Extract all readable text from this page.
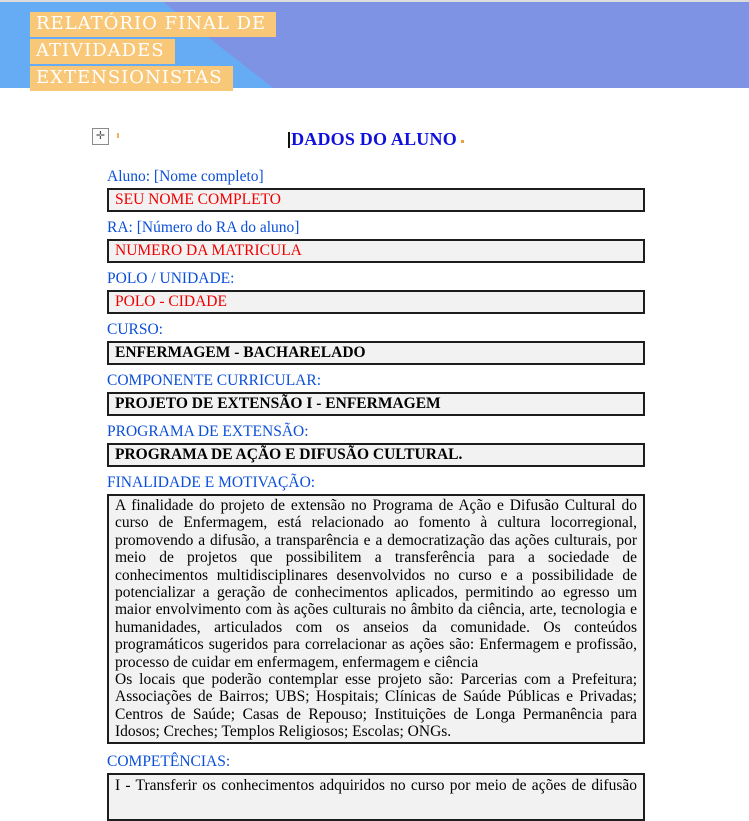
RELATÓRIO FINAL DE
ATIVIDADES
EXTENSIONISTAS
✛	DADOS DO ALUNO
Aluno: [Nome completo]
SEU NOME COMPLETO
RA: [Número do RA do aluno]
NUMERO DA MATRICULA
POLO / UNIDADE:
POLO - CIDADE
CURSO:
ENFERMAGEM - BACHARELADO
COMPONENTE CURRICULAR:
PROJETO DE EXTENSÃO I - ENFERMAGEM
PROGRAMA DE EXTENSÃO:
PROGRAMA DE AÇÃO E DIFUSÃO CULTURAL.
FINALIDADE E MOTIVAÇÃO:

A finalidade do projeto de extensão no Programa de Ação e Difusão Cultural do curso de Enfermagem, está relacionado ao fomento à cultura locorregional, promovendo a difusão, a transparência e a democratização das ações culturais, por meio de projetos que possibilitem a transferência para a sociedade de conhecimentos multidisciplinares desenvolvidos no curso e a possibilidade de potencializar a geração de conhecimentos aplicados, permitindo ao egresso um maior envolvimento com às ações culturais no âmbito da ciência, arte, tecnologia e humanidades, articulados com os anseios da comunidade. Os conteúdos programáticos sugeridos para correlacionar as ações são: Enfermagem e profissão, processo de cuidar em enfermagem, enfermagem e ciência

Os locais que poderão contemplar esse projeto são: Parcerias com a Prefeitura; Associações de Bairros; UBS; Hospitais; Clínicas de Saúde Públicas e Privadas; Centros de Saúde; Casas de Repouso; Instituições de Longa Permanência para Idosos; Creches; Templos Religiosos; Escolas; ONGs.

COMPETÊNCIAS:
I - Transferir os conhecimentos adquiridos no curso por meio de ações de difusão
